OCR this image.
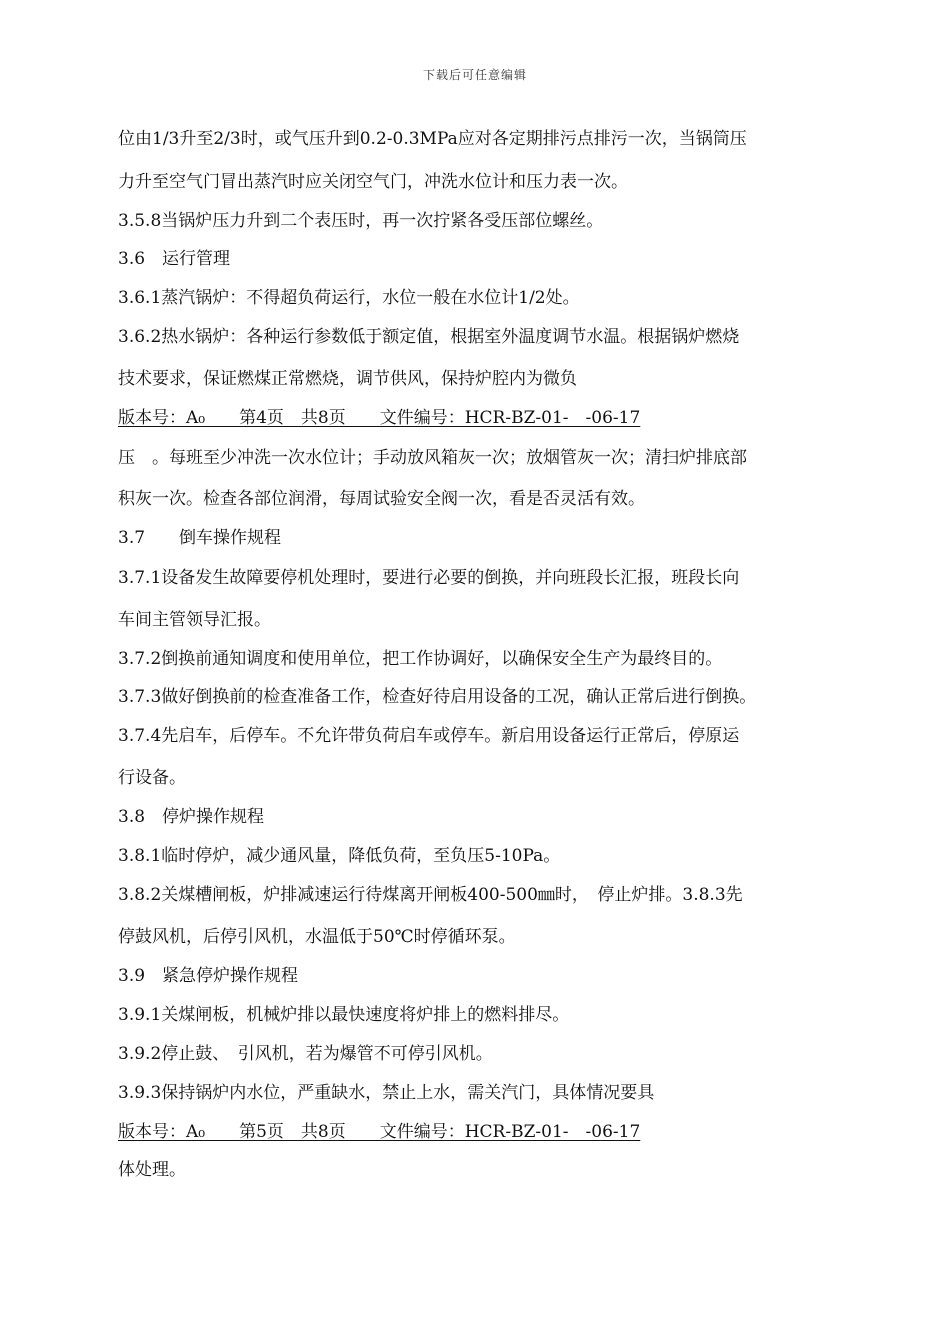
下载后可任意编辑
位由1/3升至2/3时，或气压升到0.2-0.3MPa应对各定期排污点排污一次，当锅筒压
力升至空气门冒出蒸汽时应关闭空气门，冲洗水位计和压力表一次。
3.5.8当锅炉压力升到二个表压时，再一次拧紧各受压部位螺丝。
3.6　运行管理
3.6.1蒸汽锅炉：不得超负荷运行，水位一般在水位计1/2处。
3.6.2热水锅炉：各种运行参数低于额定值，根据室外温度调节水温。根据锅炉燃烧
技术要求，保证燃煤正常燃烧，调节供风，保持炉腔内为微负
版本号：A₀　　第4页　共8页　　文件编号：HCR-BZ-01-　-06-17
压　。每班至少冲洗一次水位计；手动放风箱灰一次；放烟管灰一次；清扫炉排底部
积灰一次。检查各部位润滑，每周试验安全阀一次，看是否灵活有效。
3.7　　倒车操作规程
3.7.1设备发生故障要停机处理时，要进行必要的倒换，并向班段长汇报，班段长向
车间主管领导汇报。
3.7.2倒换前通知调度和使用单位，把工作协调好，以确保安全生产为最终目的。
3.7.3做好倒换前的检查准备工作，检查好待启用设备的工况，确认正常后进行倒换。
3.7.4先启车，后停车。不允许带负荷启车或停车。新启用设备运行正常后，停原运
行设备。
3.8　停炉操作规程
3.8.1临时停炉，减少通风量，降低负荷，至负压5-10Pa。
3.8.2关煤槽闸板，炉排减速运行待煤离开闸板400-500㎜时，　停止炉排。3.8.3先
停鼓风机，后停引风机，水温低于50℃时停循环泵。
3.9　紧急停炉操作规程
3.9.1关煤闸板，机械炉排以最快速度将炉排上的燃料排尽。
3.9.2停止鼓、　引风机，若为爆管不可停引风机。
3.9.3保持锅炉内水位，严重缺水，禁止上水，需关汽门，具体情况要具
版本号：A₀　　第5页　共8页　　文件编号：HCR-BZ-01-　-06-17
体处理。
